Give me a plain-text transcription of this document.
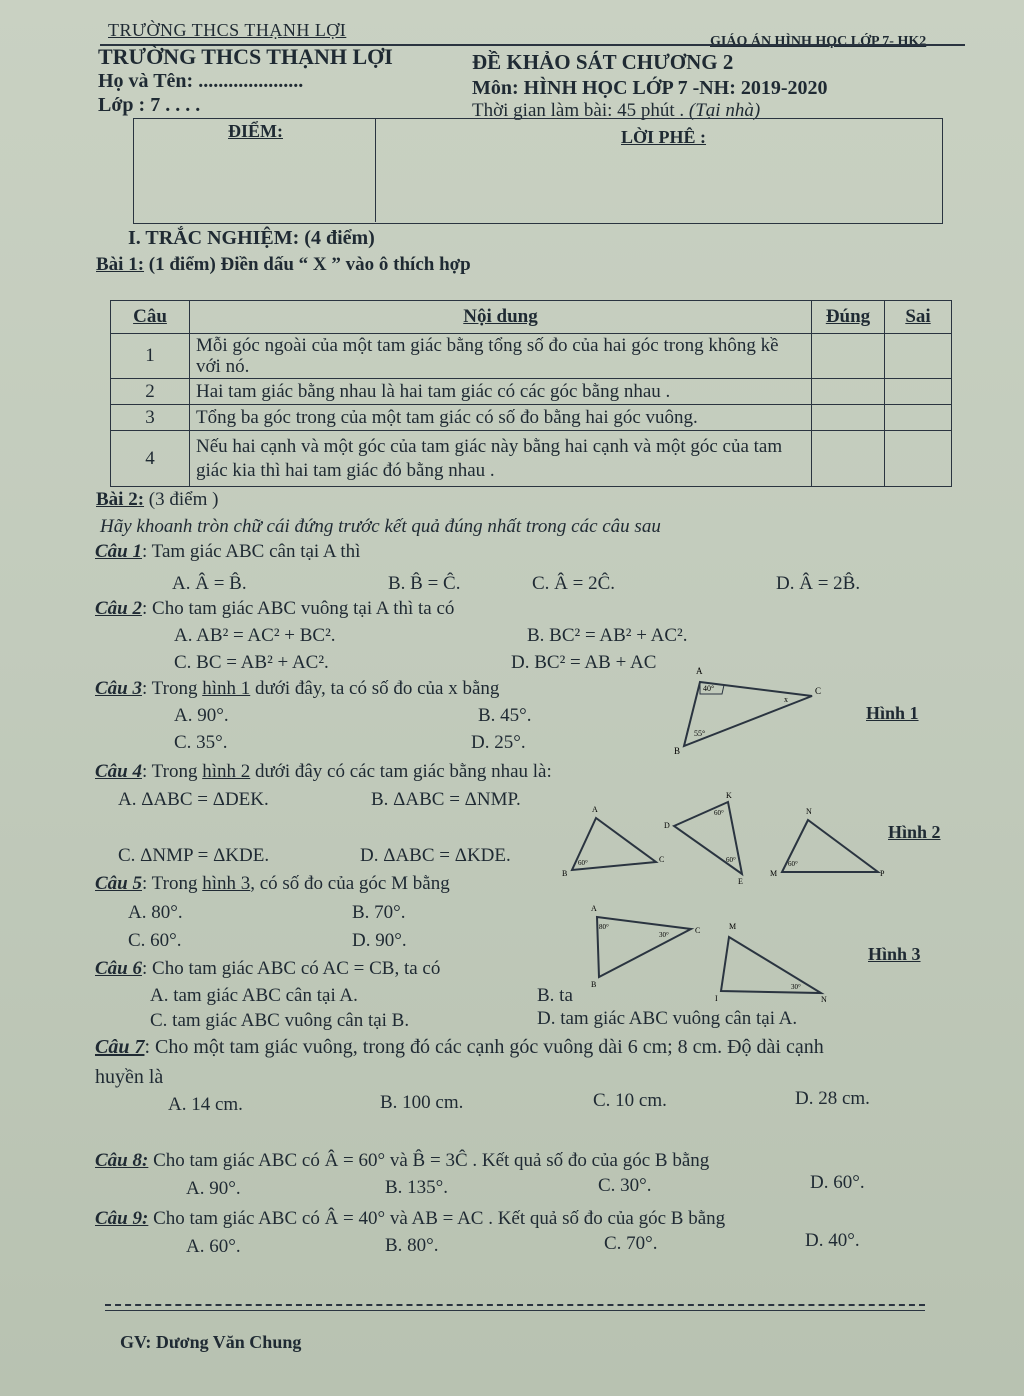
TRƯỜNG THCS THẠNH LỢI
GIÁO ÁN HÌNH HỌC LỚP 7- HK2
TRƯỜNG THCS THẠNH LỢI	ĐỀ KHẢO SÁT CHƯƠNG 2
Họ và Tên: .....................	Môn: HÌNH HỌC LỚP 7 -NH: 2019-2020
Lớp : 7 . . . .	Thời gian làm bài: 45 phút . (Tại nhà)
ĐIỂM:	LỜI PHÊ :
I. TRẮC NGHIỆM: (4 điểm)
Bài 1: (1 điểm) Điền dấu “ X ” vào ô thích hợp
Câu	Nội dung	Đúng	Sai
1	Mỗi góc ngoài của một tam giác bằng tổng số đo của hai góc trong không kề với nó.		
2	Hai tam giác bằng nhau là hai tam giác có các góc bằng nhau .		
3	Tổng ba góc trong của một tam giác có số đo bằng hai góc vuông.		
4	Nếu hai cạnh và một góc của tam giác này bằng hai cạnh và một góc của tam giác kia thì hai tam giác đó bằng nhau .		
Bài 2: (3 điểm )
Hãy khoanh tròn chữ cái đứng trước kết quả đúng nhất trong các câu sau
Câu 1: Tam giác ABC cân tại A thì
A. Â = B̂.	B. B̂ = Ĉ.	C. Â = 2Ĉ.	D. Â = 2B̂.
Câu 2: Cho tam giác ABC vuông tại A thì ta có
A. AB² = AC² + BC².	B. BC² = AB² + AC².
C. BC = AB² + AC².	D. BC² = AB + AC
Câu 3: Trong hình 1 dưới đây, ta có số đo của x bằng
A. 90°.	B. 45°.
C. 35°.	D. 25°.
A
B
C
40°
55°
x
Hình 1
Câu 4: Trong hình 2 dưới đây có các tam giác bằng nhau là:
A. ΔABC = ΔDEK.	B. ΔABC = ΔNMP.
C. ΔNMP = ΔKDE.	D. ΔABC = ΔKDE.
A
B
C
60°
D
K
E
60°
60°
N
M	P
60°
Hình 2
Câu 5: Trong hình 3, có số đo của góc M bằng
A. 80°.	B. 70°.
C. 60°.	D. 90°.
A
B
C
80°
30°
M
I	N
30°
Hình 3
Câu 6: Cho tam giác ABC có AC = CB, ta có
A. tam giác ABC cân tại A.	B. ta
C. tam giác ABC vuông cân tại B.	D. tam giác ABC vuông cân tại A.
Câu 7: Cho một tam giác vuông, trong đó các cạnh góc vuông dài 6 cm; 8 cm. Độ dài cạnh
huyền là
A. 14 cm.	B. 100 cm.	C. 10 cm.	D. 28 cm.
Câu 8: Cho tam giác ABC có Â = 60° và B̂ = 3Ĉ . Kết quả số đo của góc B bằng
A. 90°.	B. 135°.	C. 30°.	D. 60°.
Câu 9: Cho tam giác ABC có Â = 40° và AB = AC . Kết quả số đo của góc B bằng
A. 60°.	B. 80°.	C. 70°.	D. 40°.
GV: Dương Văn Chung
